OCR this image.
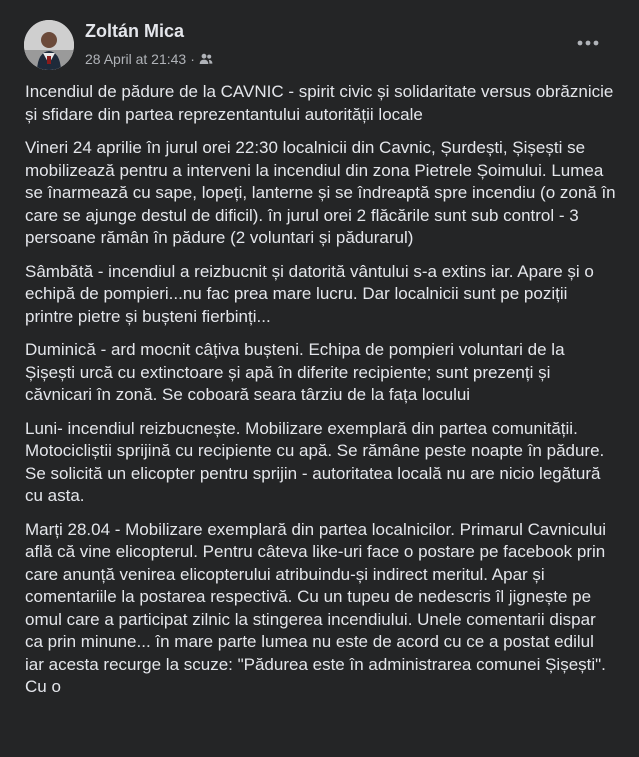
Zoltán Mica
28 April at 21:43 ·

Incendiul de pădure de la CAVNIC - spirit civic și solidaritate versus obrăznicie și sfidare din partea reprezentantului autorității locale

Vineri 24 aprilie în jurul orei 22:30 localnicii din Cavnic, Șurdești, Șișești se mobilizează pentru a interveni la incendiul din zona Pietrele Șoimului. Lumea se înarmează cu sape, lopeți, lanterne și se îndreaptă spre incendiu (o zonă în care se ajunge destul de dificil). în jurul orei 2 flăcările sunt sub control - 3 persoane rămân în pădure (2 voluntari și pădurarul)

Sâmbătă - incendiul a reizbucnit și datorită vântului s-a extins iar. Apare și o echipă de pompieri...nu fac prea mare lucru. Dar localnicii sunt pe poziții printre pietre și bușteni fierbinți...

Duminică - ard mocnit câțiva bușteni. Echipa de pompieri voluntari de la Șișești urcă cu extinctoare și apă în diferite recipiente; sunt prezenți și căvnicari în zonă. Se coboară seara târziu de la fața locului

Luni- incendiul reizbucnește. Mobilizare exemplară din partea comunității. Motocicliștii sprijină cu recipiente cu apă. Se rămâne peste noapte în pădure. Se solicită un elicopter pentru sprijin - autoritatea locală nu are nicio legătură cu asta.

Marți 28.04 - Mobilizare exemplară din partea localnicilor. Primarul Cavnicului află că vine elicopterul. Pentru câteva like-uri face o postare pe facebook prin care anunță venirea elicopterului atribuindu-și indirect meritul. Apar și comentariile la postarea respectivă. Cu un tupeu de nedescris îl jignește pe omul care a participat zilnic la stingerea incendiului. Unele comentarii dispar ca prin minune... în mare parte lumea nu este de acord cu ce a postat edilul iar acesta recurge la scuze: "Pădurea este în administrarea comunei Șișești". Cu o
